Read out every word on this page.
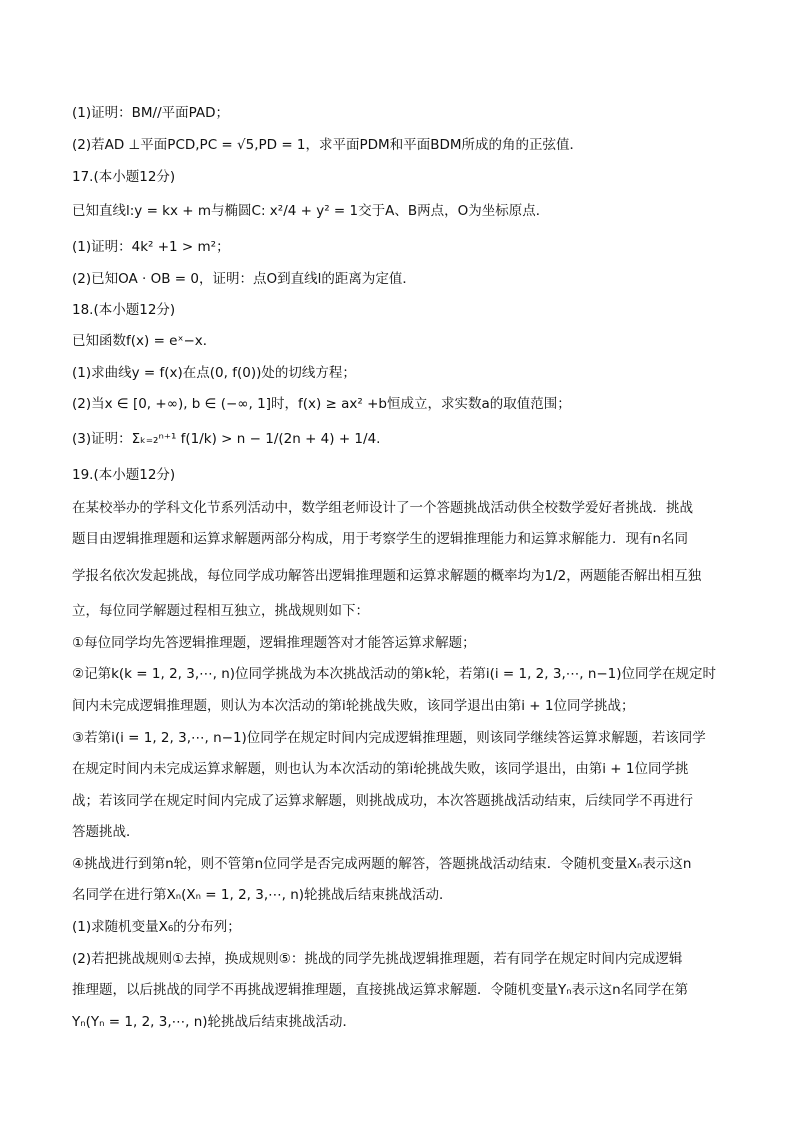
(1)证明：BM//平面PAD；
(2)若AD ⊥平面PCD,PC = √5,PD = 1，求平面PDM和平面BDM所成的角的正弦值．
17.(本小题12分)
已知直线l:y = kx + m与椭圆C: x²/4 + y² = 1交于A、B两点，O为坐标原点．
(1)证明：4k² +1 > m²；
(2)已知OA · OB = 0，证明：点O到直线l的距离为定值．
18.(本小题12分)
已知函数f(x) = eˣ−x．
(1)求曲线y = f(x)在点(0, f(0))处的切线方程；
(2)当x ∈ [0, +∞), b ∈ (−∞, 1]时，f(x) ≥ ax² +b恒成立，求实数a的取值范围；
(3)证明：Σₖ₌₂ⁿ⁺¹ f(1/k) > n − 1/(2n + 4) + 1/4.
19.(本小题12分)
在某校举办的学科文化节系列活动中，数学组老师设计了一个答题挑战活动供全校数学爱好者挑战．挑战
题目由逻辑推理题和运算求解题两部分构成，用于考察学生的逻辑推理能力和运算求解能力．现有n名同
学报名依次发起挑战，每位同学成功解答出逻辑推理题和运算求解题的概率均为1/2，两题能否解出相互独
立，每位同学解题过程相互独立，挑战规则如下：
①每位同学均先答逻辑推理题，逻辑推理题答对才能答运算求解题；
②记第k(k = 1, 2, 3,⋯, n)位同学挑战为本次挑战活动的第k轮，若第i(i = 1, 2, 3,⋯, n−1)位同学在规定时
间内未完成逻辑推理题，则认为本次活动的第i轮挑战失败，该同学退出由第i + 1位同学挑战；
③若第i(i = 1, 2, 3,⋯, n−1)位同学在规定时间内完成逻辑推理题，则该同学继续答运算求解题，若该同学
在规定时间内未完成运算求解题，则也认为本次活动的第i轮挑战失败，该同学退出，由第i + 1位同学挑
战；若该同学在规定时间内完成了运算求解题，则挑战成功，本次答题挑战活动结束，后续同学不再进行
答题挑战．
④挑战进行到第n轮，则不管第n位同学是否完成两题的解答，答题挑战活动结束．令随机变量Xₙ表示这n
名同学在进行第Xₙ(Xₙ = 1, 2, 3,⋯, n)轮挑战后结束挑战活动．
(1)求随机变量X₆的分布列；
(2)若把挑战规则①去掉，换成规则⑤：挑战的同学先挑战逻辑推理题，若有同学在规定时间内完成逻辑
推理题，以后挑战的同学不再挑战逻辑推理题，直接挑战运算求解题．令随机变量Yₙ表示这n名同学在第
Yₙ(Yₙ = 1, 2, 3,⋯, n)轮挑战后结束挑战活动．
